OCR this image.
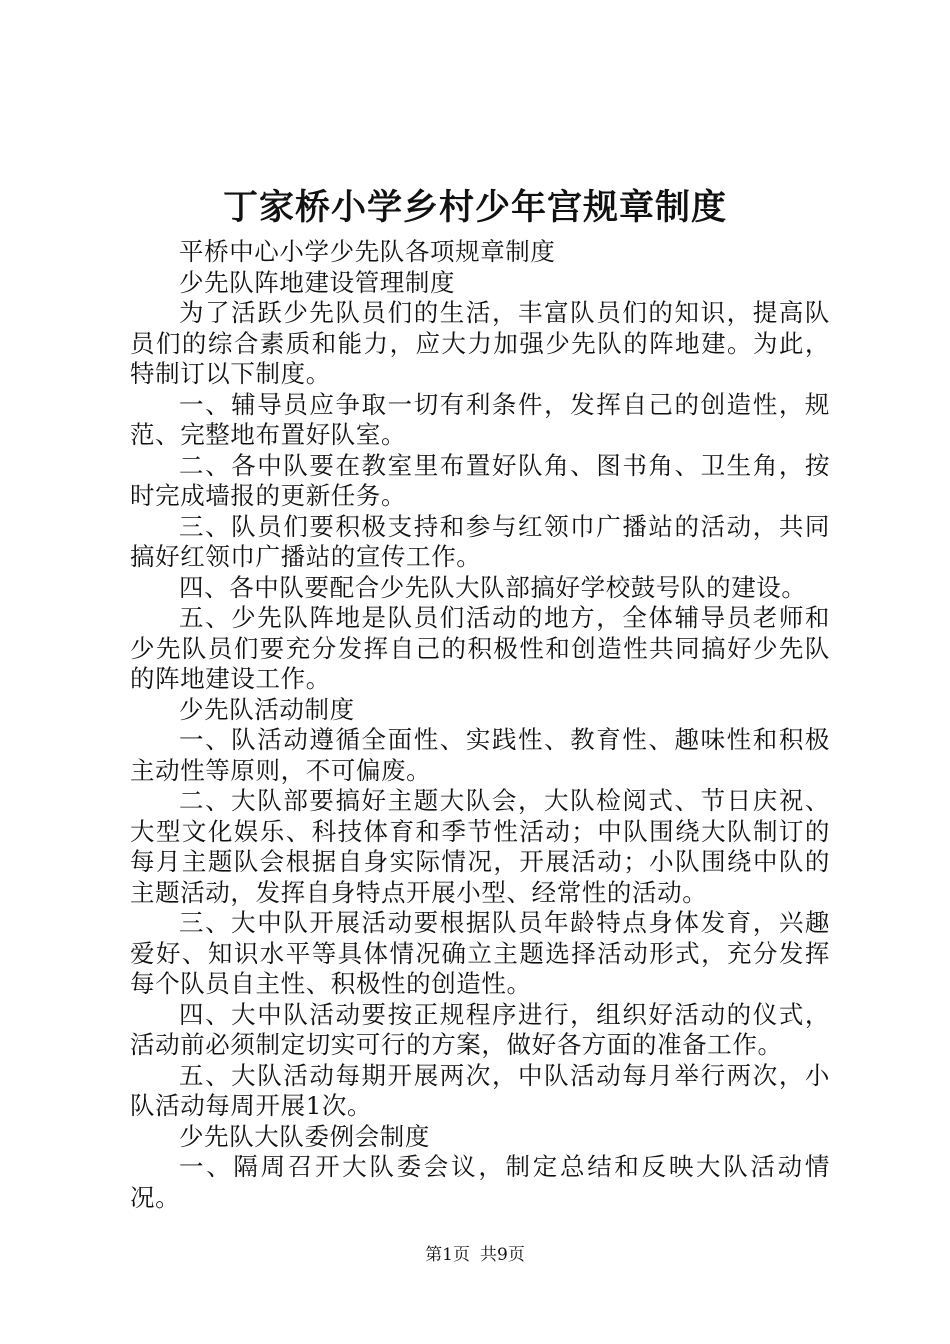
丁家桥小学乡村少年宫规章制度

平桥中心小学少先队各项规章制度

少先队阵地建设管理制度

为了活跃少先队员们的生活，丰富队员们的知识，提高队员们的综合素质和能力，应大力加强少先队的阵地建。为此，特制订以下制度。

一、辅导员应争取一切有利条件，发挥自己的创造性，规范、完整地布置好队室。

二、各中队要在教室里布置好队角、图书角、卫生角，按时完成墙报的更新任务。

三、队员们要积极支持和参与红领巾广播站的活动，共同搞好红领巾广播站的宣传工作。

四、各中队要配合少先队大队部搞好学校鼓号队的建设。

五、少先队阵地是队员们活动的地方，全体辅导员老师和少先队员们要充分发挥自己的积极性和创造性共同搞好少先队的阵地建设工作。

少先队活动制度

一、队活动遵循全面性、实践性、教育性、趣味性和积极主动性等原则，不可偏废。

二、大队部要搞好主题大队会，大队检阅式、节日庆祝、大型文化娱乐、科技体育和季节性活动；中队围绕大队制订的每月主题队会根据自身实际情况，开展活动；小队围绕中队的主题活动，发挥自身特点开展小型、经常性的活动。

三、大中队开展活动要根据队员年龄特点身体发育，兴趣爱好、知识水平等具体情况确立主题选择活动形式，充分发挥每个队员自主性、积极性的创造性。

四、大中队活动要按正规程序进行，组织好活动的仪式，活动前必须制定切实可行的方案，做好各方面的准备工作。

五、大队活动每期开展两次，中队活动每月举行两次，小队活动每周开展1次。

少先队大队委例会制度

一、隔周召开大队委会议，制定总结和反映大队活动情况。

第1页 共9页
